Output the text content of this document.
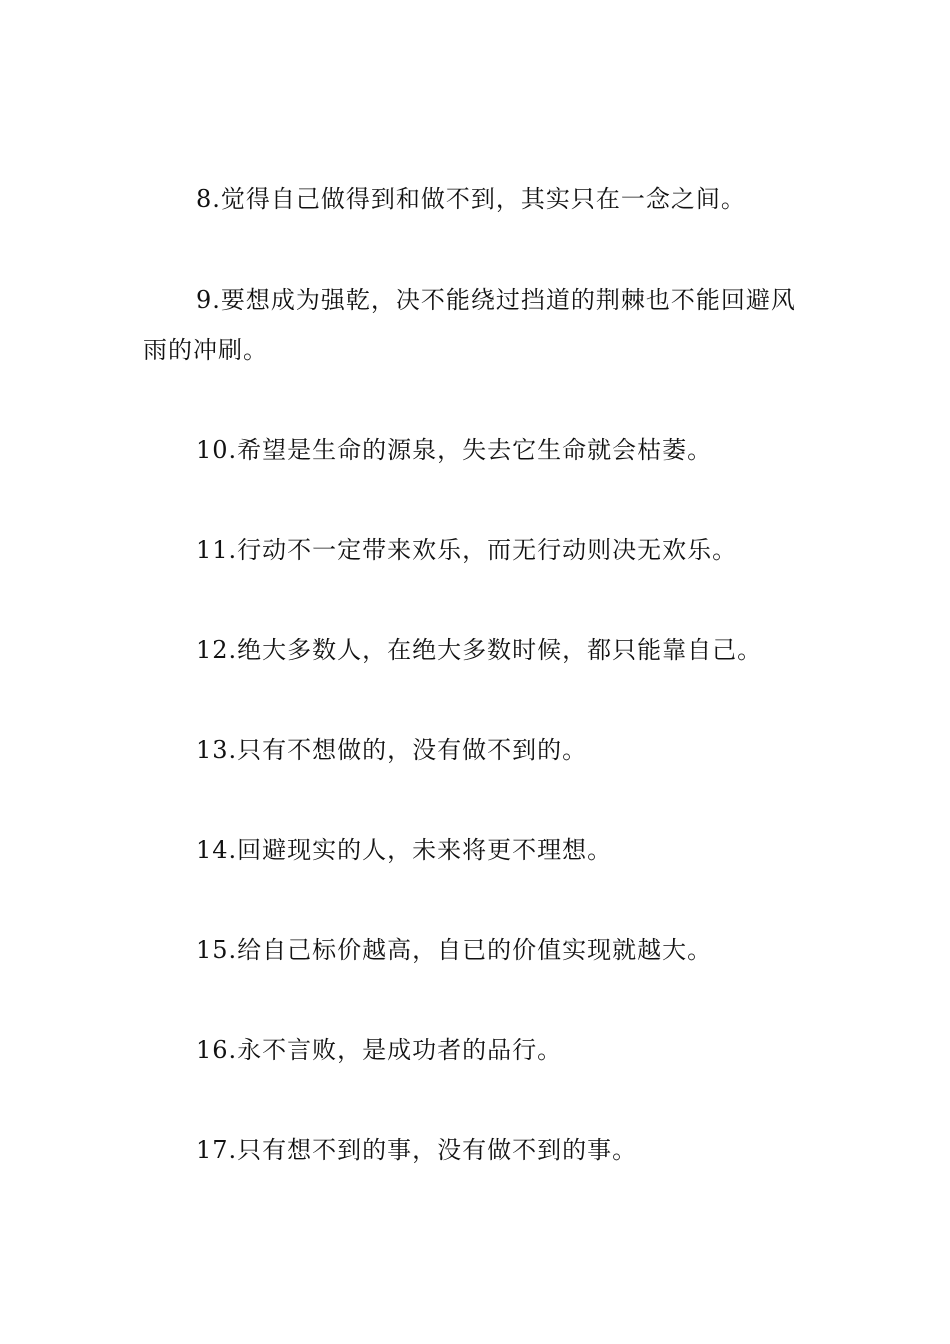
8.觉得自己做得到和做不到，其实只在一念之间。

9.要想成为强乾，决不能绕过挡道的荆棘也不能回避风雨的冲刷。

10.希望是生命的源泉，失去它生命就会枯萎。

11.行动不一定带来欢乐，而无行动则决无欢乐。

12.绝大多数人，在绝大多数时候，都只能靠自己。

13.只有不想做的，没有做不到的。

14.回避现实的人，未来将更不理想。

15.给自己标价越高，自已的价值实现就越大。

16.永不言败，是成功者的品行。

17.只有想不到的事，没有做不到的事。
